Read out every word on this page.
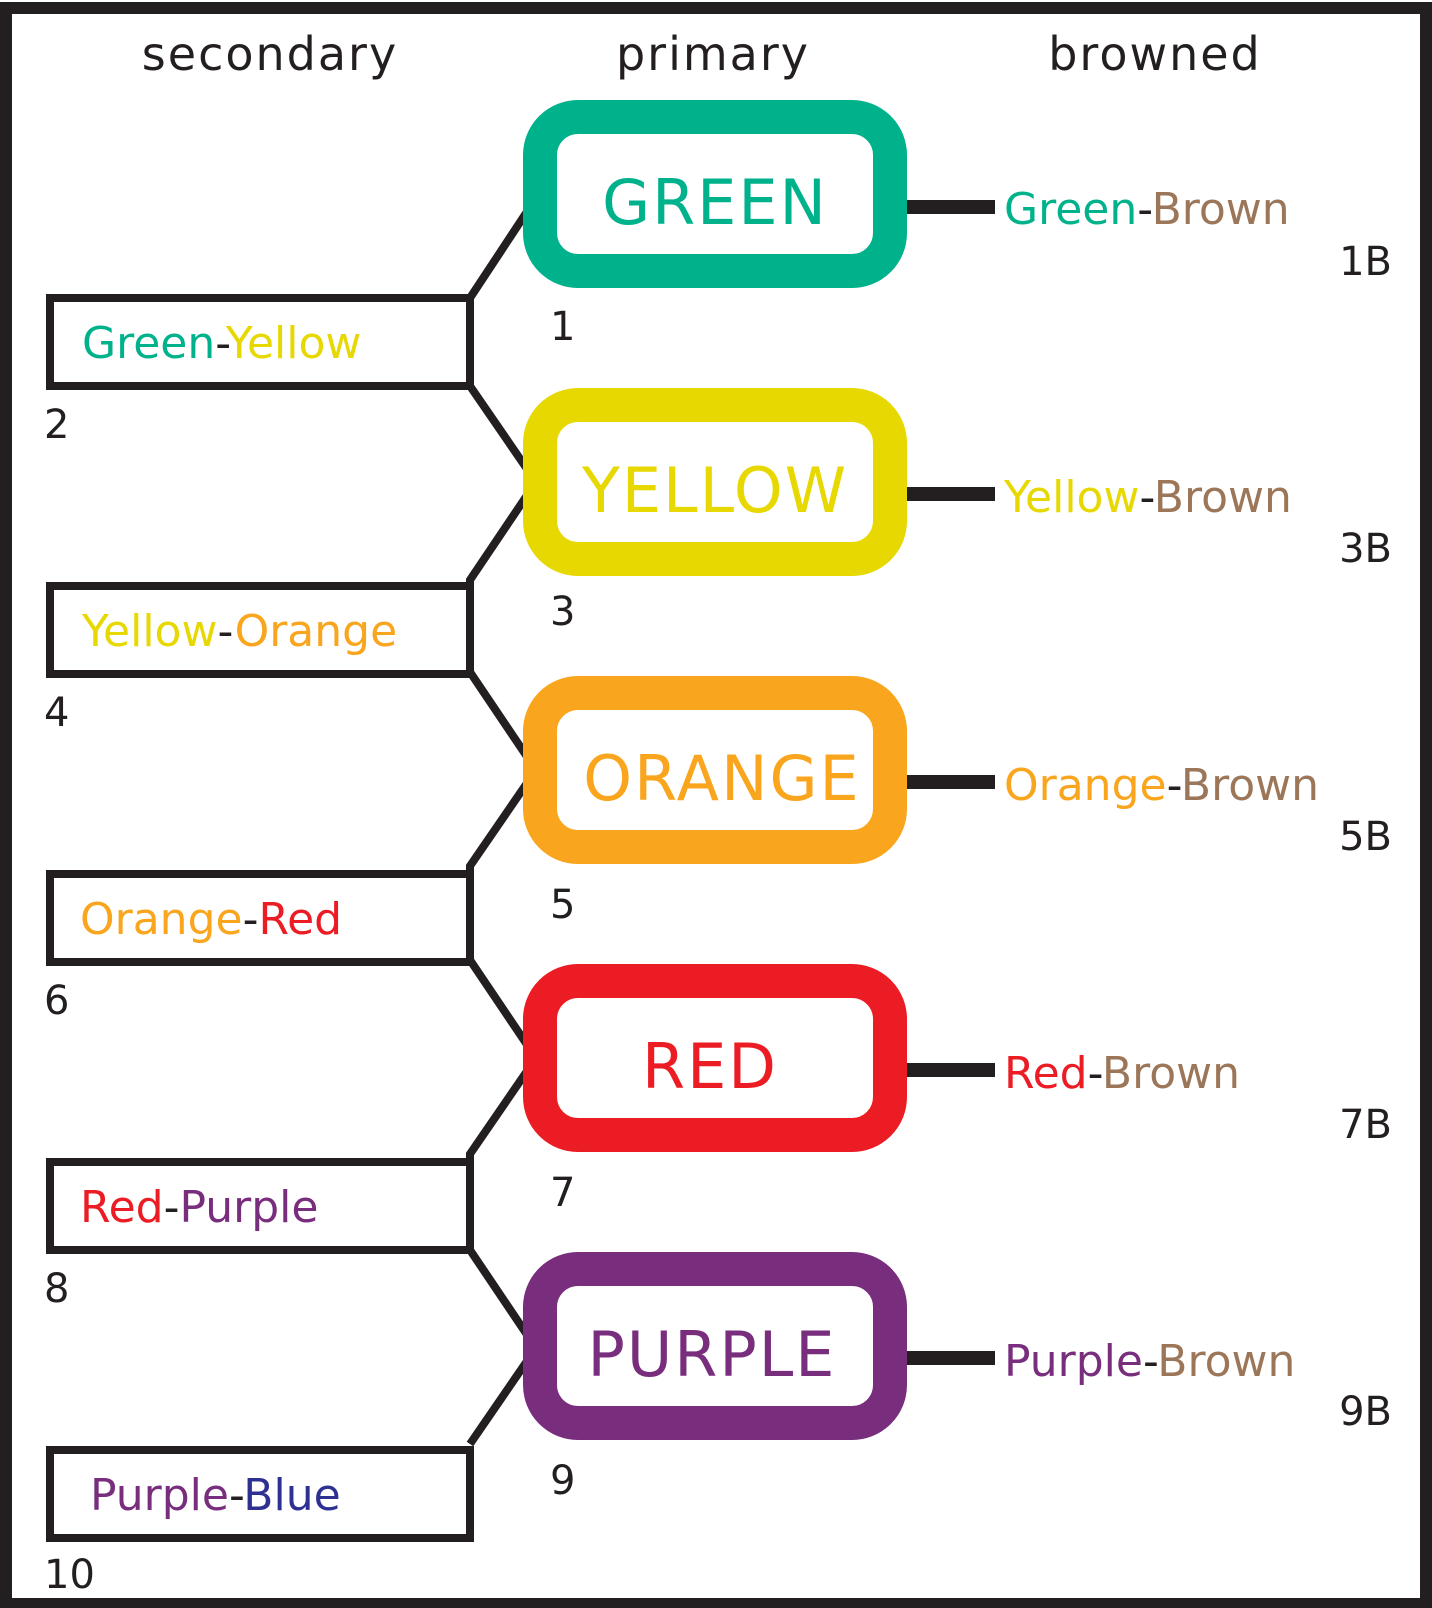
secondary	primary	browned
GREEN
1
YELLOW
3
ORANGE
5
RED
7
PURPLE
9
Green-Brown
1B
Yellow-Brown
3B
Orange-Brown
5B
Red-Brown
7B
Purple-Brown
9B
Green-Yellow
2
Yellow-Orange
4
Orange-Red
6
Red-Purple
8
Purple-Blue
10
